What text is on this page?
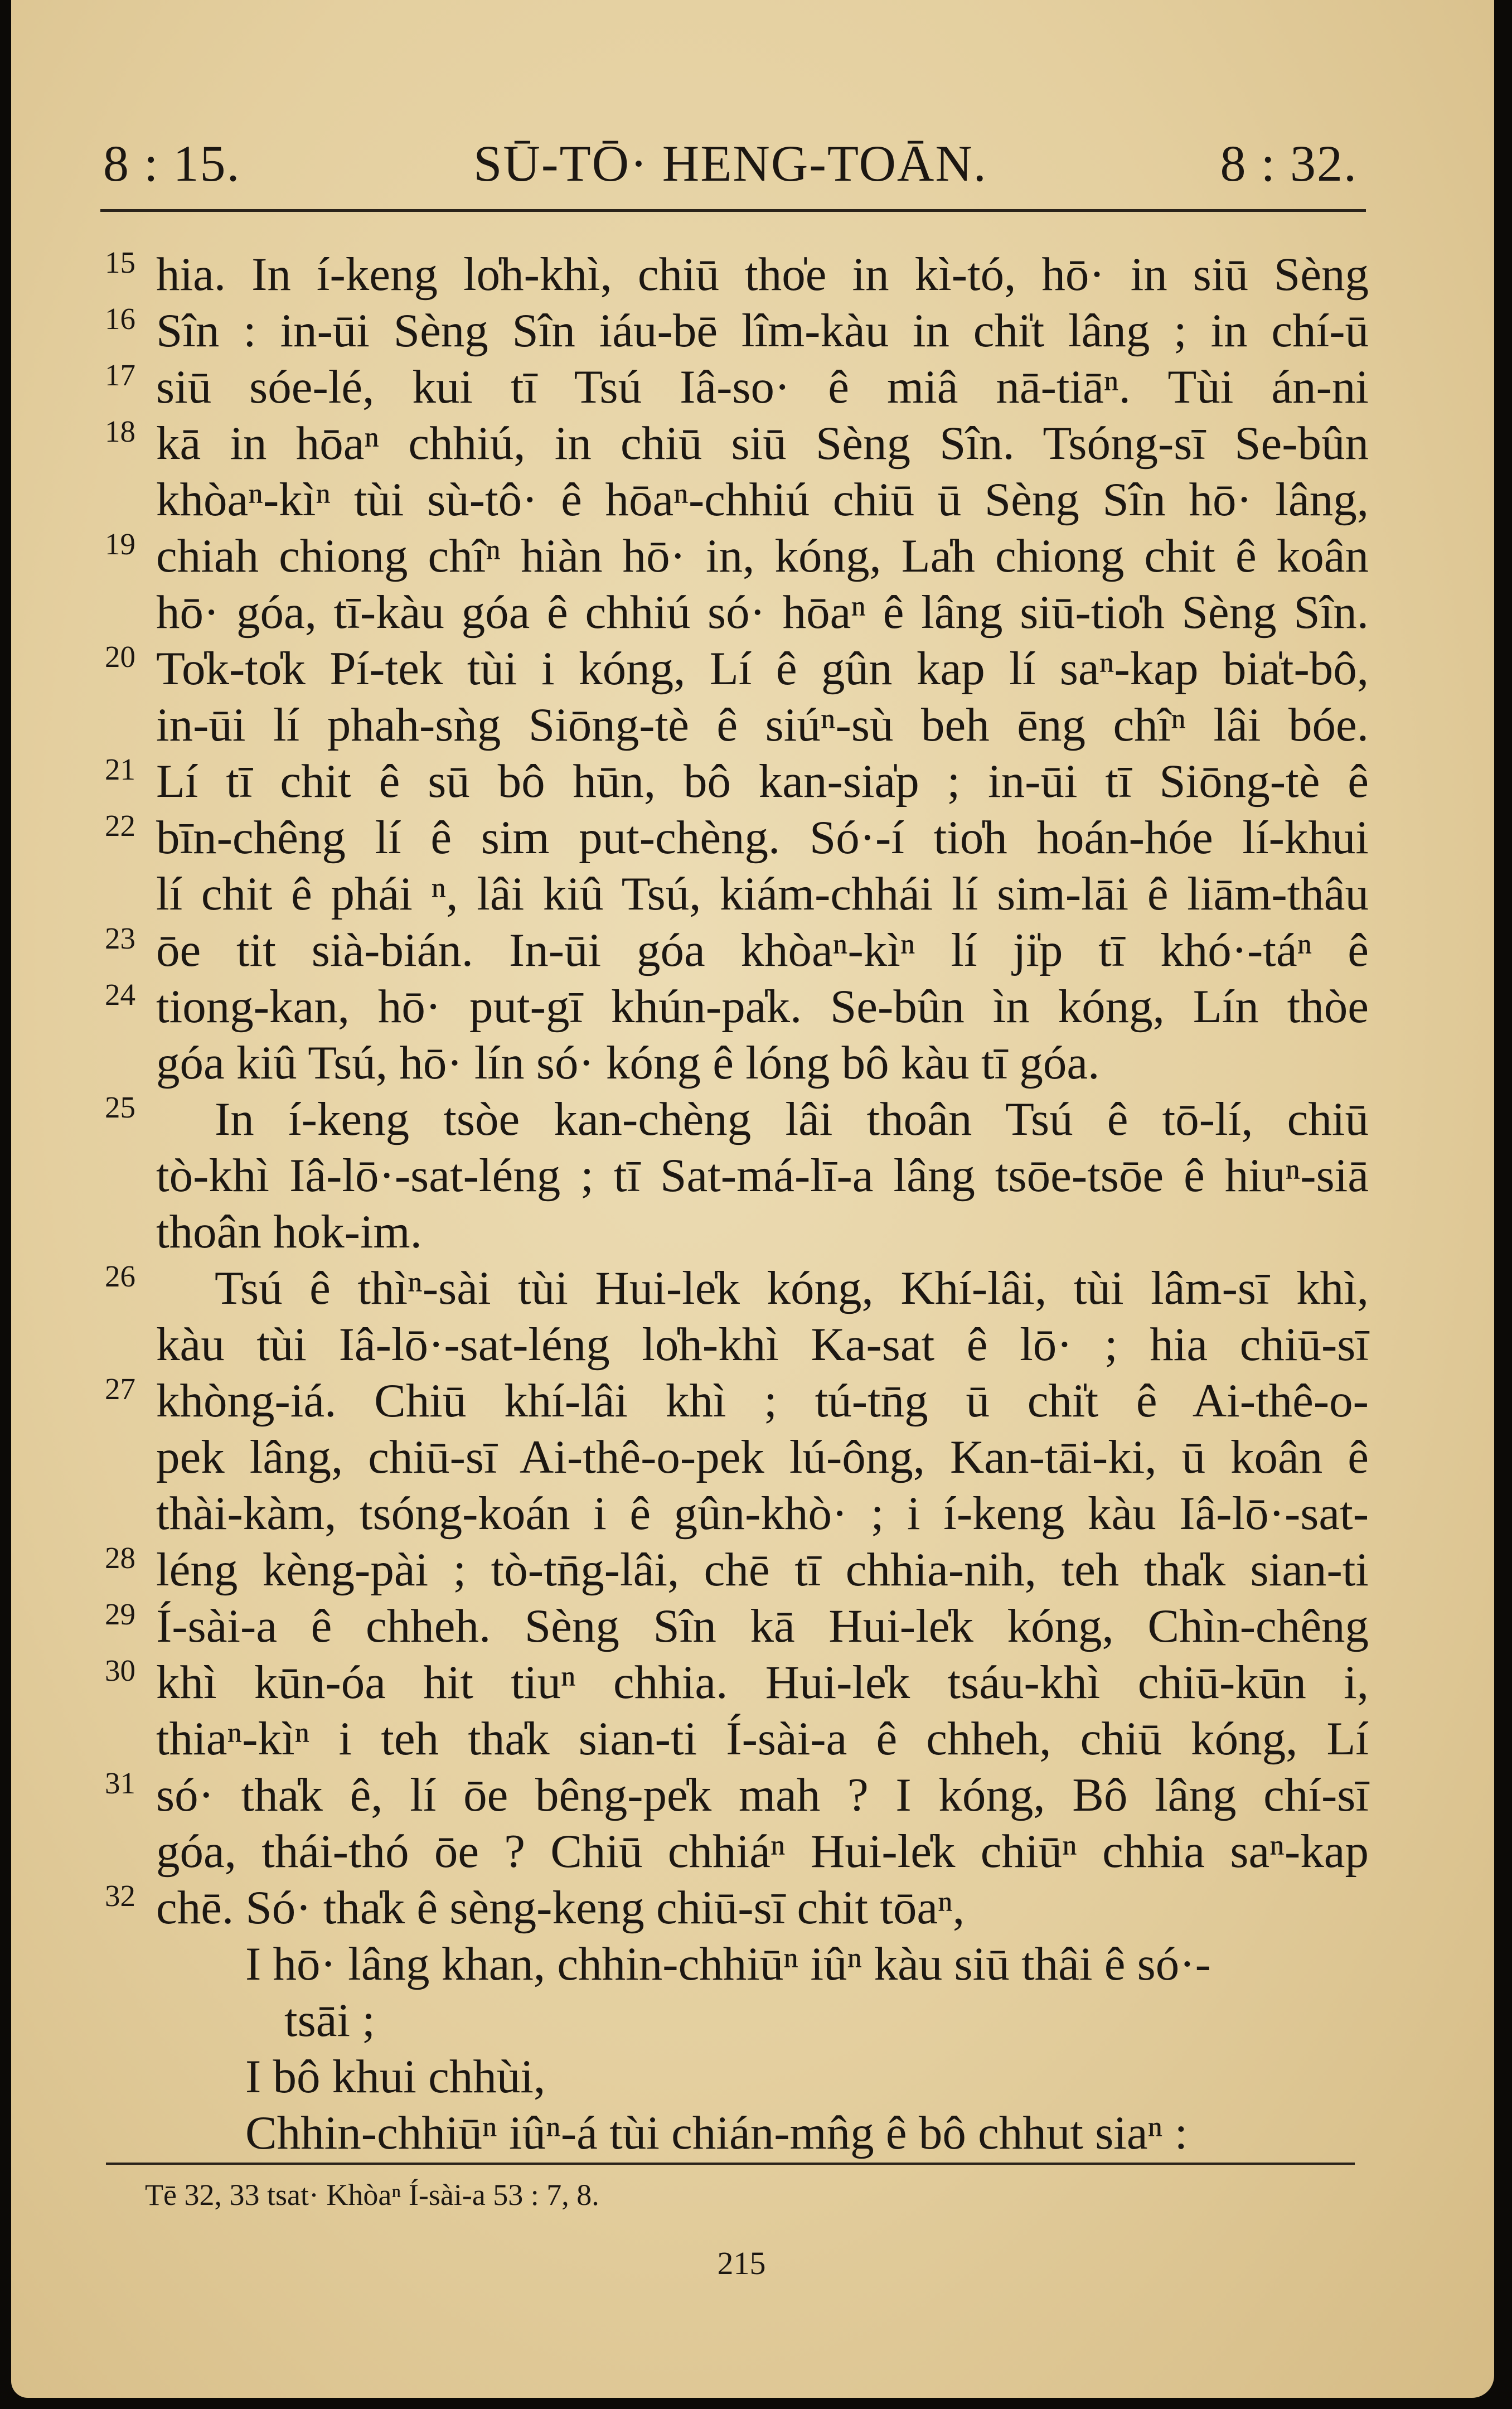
8 : 15.	SŪ-TŌ· HENG-TOĀN.	8 : 32.
15 hia. In í-keng lo̍h-khì, chiū tho̍e in kì-tó, hō· in siū Sèng
16 Sîn : in-ūi Sèng Sîn iáu-bē lîm-kàu in chi̍t lâng ; in chí-ū
17 siū sóe-lé, kui tī Tsú Iâ-so· ê miâ nā-tiāⁿ. Tùi án-ni
18 kā in hōaⁿ chhiú, in chiū siū Sèng Sîn. Tsóng-sī Se-bûn
khòaⁿ-kìⁿ tùi sù-tô· ê hōaⁿ-chhiú chiū ū Sèng Sîn hō· lâng,
19 chiah chiong chîⁿ hiàn hō· in, kóng, La̍h chiong chit ê koân
hō· góa, tī-kàu góa ê chhiú só· hōaⁿ ê lâng siū-tio̍h Sèng Sîn.
20 To̍k-to̍k Pí-tek tùi i kóng, Lí ê gûn kap lí saⁿ-kap bia̍t-bô,
in-ūi lí phah-sǹg Siōng-tè ê siúⁿ-sù beh ēng chîⁿ lâi bóe.
21 Lí tī chit ê sū bô hūn, bô kan-sia̍p ; in-ūi tī Siōng-tè ê
22 bīn-chêng lí ê sim put-chèng. Só·-í tio̍h hoán-hóe lí-khui
lí chit ê phái ⁿ, lâi kiû Tsú, kiám-chhái lí sim-lāi ê liām-thâu
23 ōe tit sià-bián. In-ūi góa khòaⁿ-kìⁿ lí ji̍p tī khó·-táⁿ ê
24 tiong-kan, hō· put-gī khún-pa̍k. Se-bûn ìn kóng, Lín thòe
góa kiû Tsú, hō· lín só· kóng ê lóng bô kàu tī góa.
25 In í-keng tsòe kan-chèng lâi thoân Tsú ê tō-lí, chiū
tò-khì Iâ-lō·-sat-léng ; tī Sat-má-lī-a lâng tsōe-tsōe ê hiuⁿ-siā
thoân hok-im.
26 Tsú ê thìⁿ-sài tùi Hui-le̍k kóng, Khí-lâi, tùi lâm-sī khì,
kàu tùi Iâ-lō·-sat-léng lo̍h-khì Ka-sat ê lō· ; hia chiū-sī
27 khòng-iá. Chiū khí-lâi khì ; tú-tn̄g ū chi̍t ê Ai-thê-o-
pek lâng, chiū-sī Ai-thê-o-pek lú-ông, Kan-tāi-ki, ū koân ê
thài-kàm, tsóng-koán i ê gûn-khò· ; i í-keng kàu Iâ-lō·-sat-
28 léng kèng-pài ; tò-tn̄g-lâi, chē tī chhia-nih, teh tha̍k sian-ti
29 Í-sài-a ê chheh. Sèng Sîn kā Hui-le̍k kóng, Chìn-chêng
30 khì kūn-óa hit tiuⁿ chhia. Hui-le̍k tsáu-khì chiū-kūn i,
thiaⁿ-kìⁿ i teh tha̍k sian-ti Í-sài-a ê chheh, chiū kóng, Lí
31 só· tha̍k ê, lí ōe bêng-pe̍k mah ? I kóng, Bô lâng chí-sī
góa, thái-thó ōe ? Chiū chhiáⁿ Hui-le̍k chiūⁿ chhia saⁿ-kap
32 chē. Só· tha̍k ê sèng-keng chiū-sī chit tōaⁿ,
I hō· lâng khan, chhin-chhiūⁿ iûⁿ kàu siū thâi ê só·-
tsāi ;
I bô khui chhùi,
Chhin-chhiūⁿ iûⁿ-á tùi chián-mn̂g ê bô chhut siaⁿ :
Tē 32, 33 tsat· Khòaⁿ Í-sài-a 53 : 7, 8.
215
